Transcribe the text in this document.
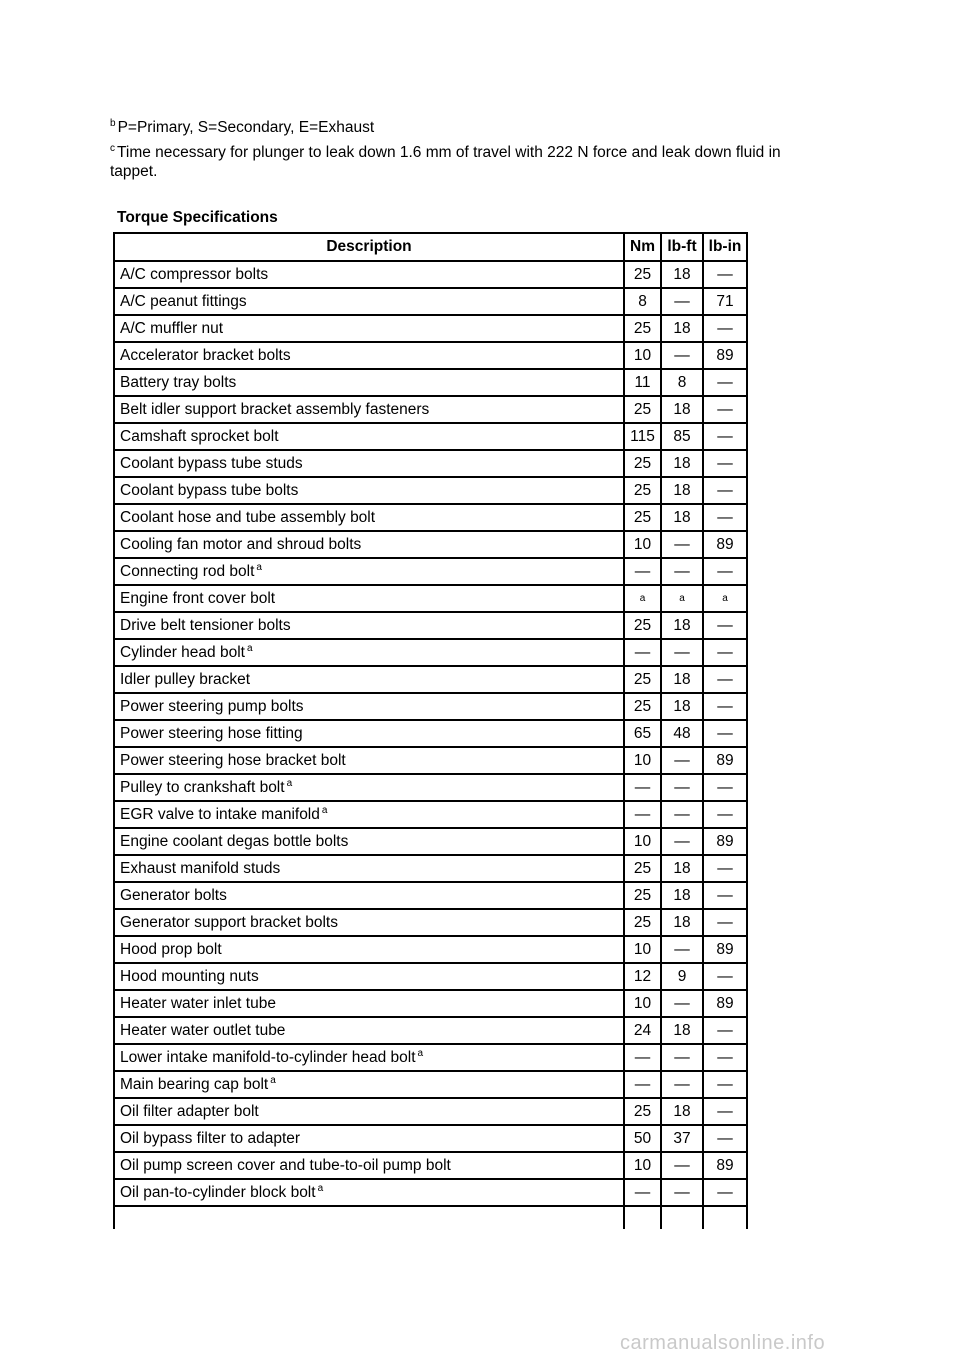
$^b$ P=Primary, S=Secondary, E=Exhaust

$^c$ Time necessary for plunger to leak down 1.6 mm of travel with 222 N force and leak down fluid in tappet.

Torque Specifications
Description	Nm	lb-ft	lb-in
A/C compressor bolts	25	18	—
A/C peanut fittings	8	—	71
A/C muffler nut	25	18	—
Accelerator bracket bolts	10	—	89
Battery tray bolts	11	8	—
Belt idler support bracket assembly fasteners	25	18	—
Camshaft sprocket bolt	115	85	—
Coolant bypass tube studs	25	18	—
Coolant bypass tube bolts	25	18	—
Coolant hose and tube assembly bolt	25	18	—
Cooling fan motor and shroud bolts	10	—	89
Connecting rod bolt $^a$	—	—	—
Engine front cover bolt	a	a	a
Drive belt tensioner bolts	25	18	—
Cylinder head bolt $^a$	—	—	—
Idler pulley bracket	25	18	—
Power steering pump bolts	25	18	—
Power steering hose fitting	65	48	—
Power steering hose bracket bolt	10	—	89
Pulley to crankshaft bolt $^a$	—	—	—
EGR valve to intake manifold $^a$	—	—	—
Engine coolant degas bottle bolts	10	—	89
Exhaust manifold studs	25	18	—
Generator bolts	25	18	—
Generator support bracket bolts	25	18	—
Hood prop bolt	10	—	89
Hood mounting nuts	12	9	—
Heater water inlet tube	10	—	89
Heater water outlet tube	24	18	—
Lower intake manifold-to-cylinder head bolt $^a$	—	—	—
Main bearing cap bolt $^a$	—	—	—
Oil filter adapter bolt	25	18	—
Oil bypass filter to adapter	50	37	—
Oil pump screen cover and tube-to-oil pump bolt	10	—	89
Oil pan-to-cylinder block bolt $^a$	—	—	—

carmanualsonline.info
